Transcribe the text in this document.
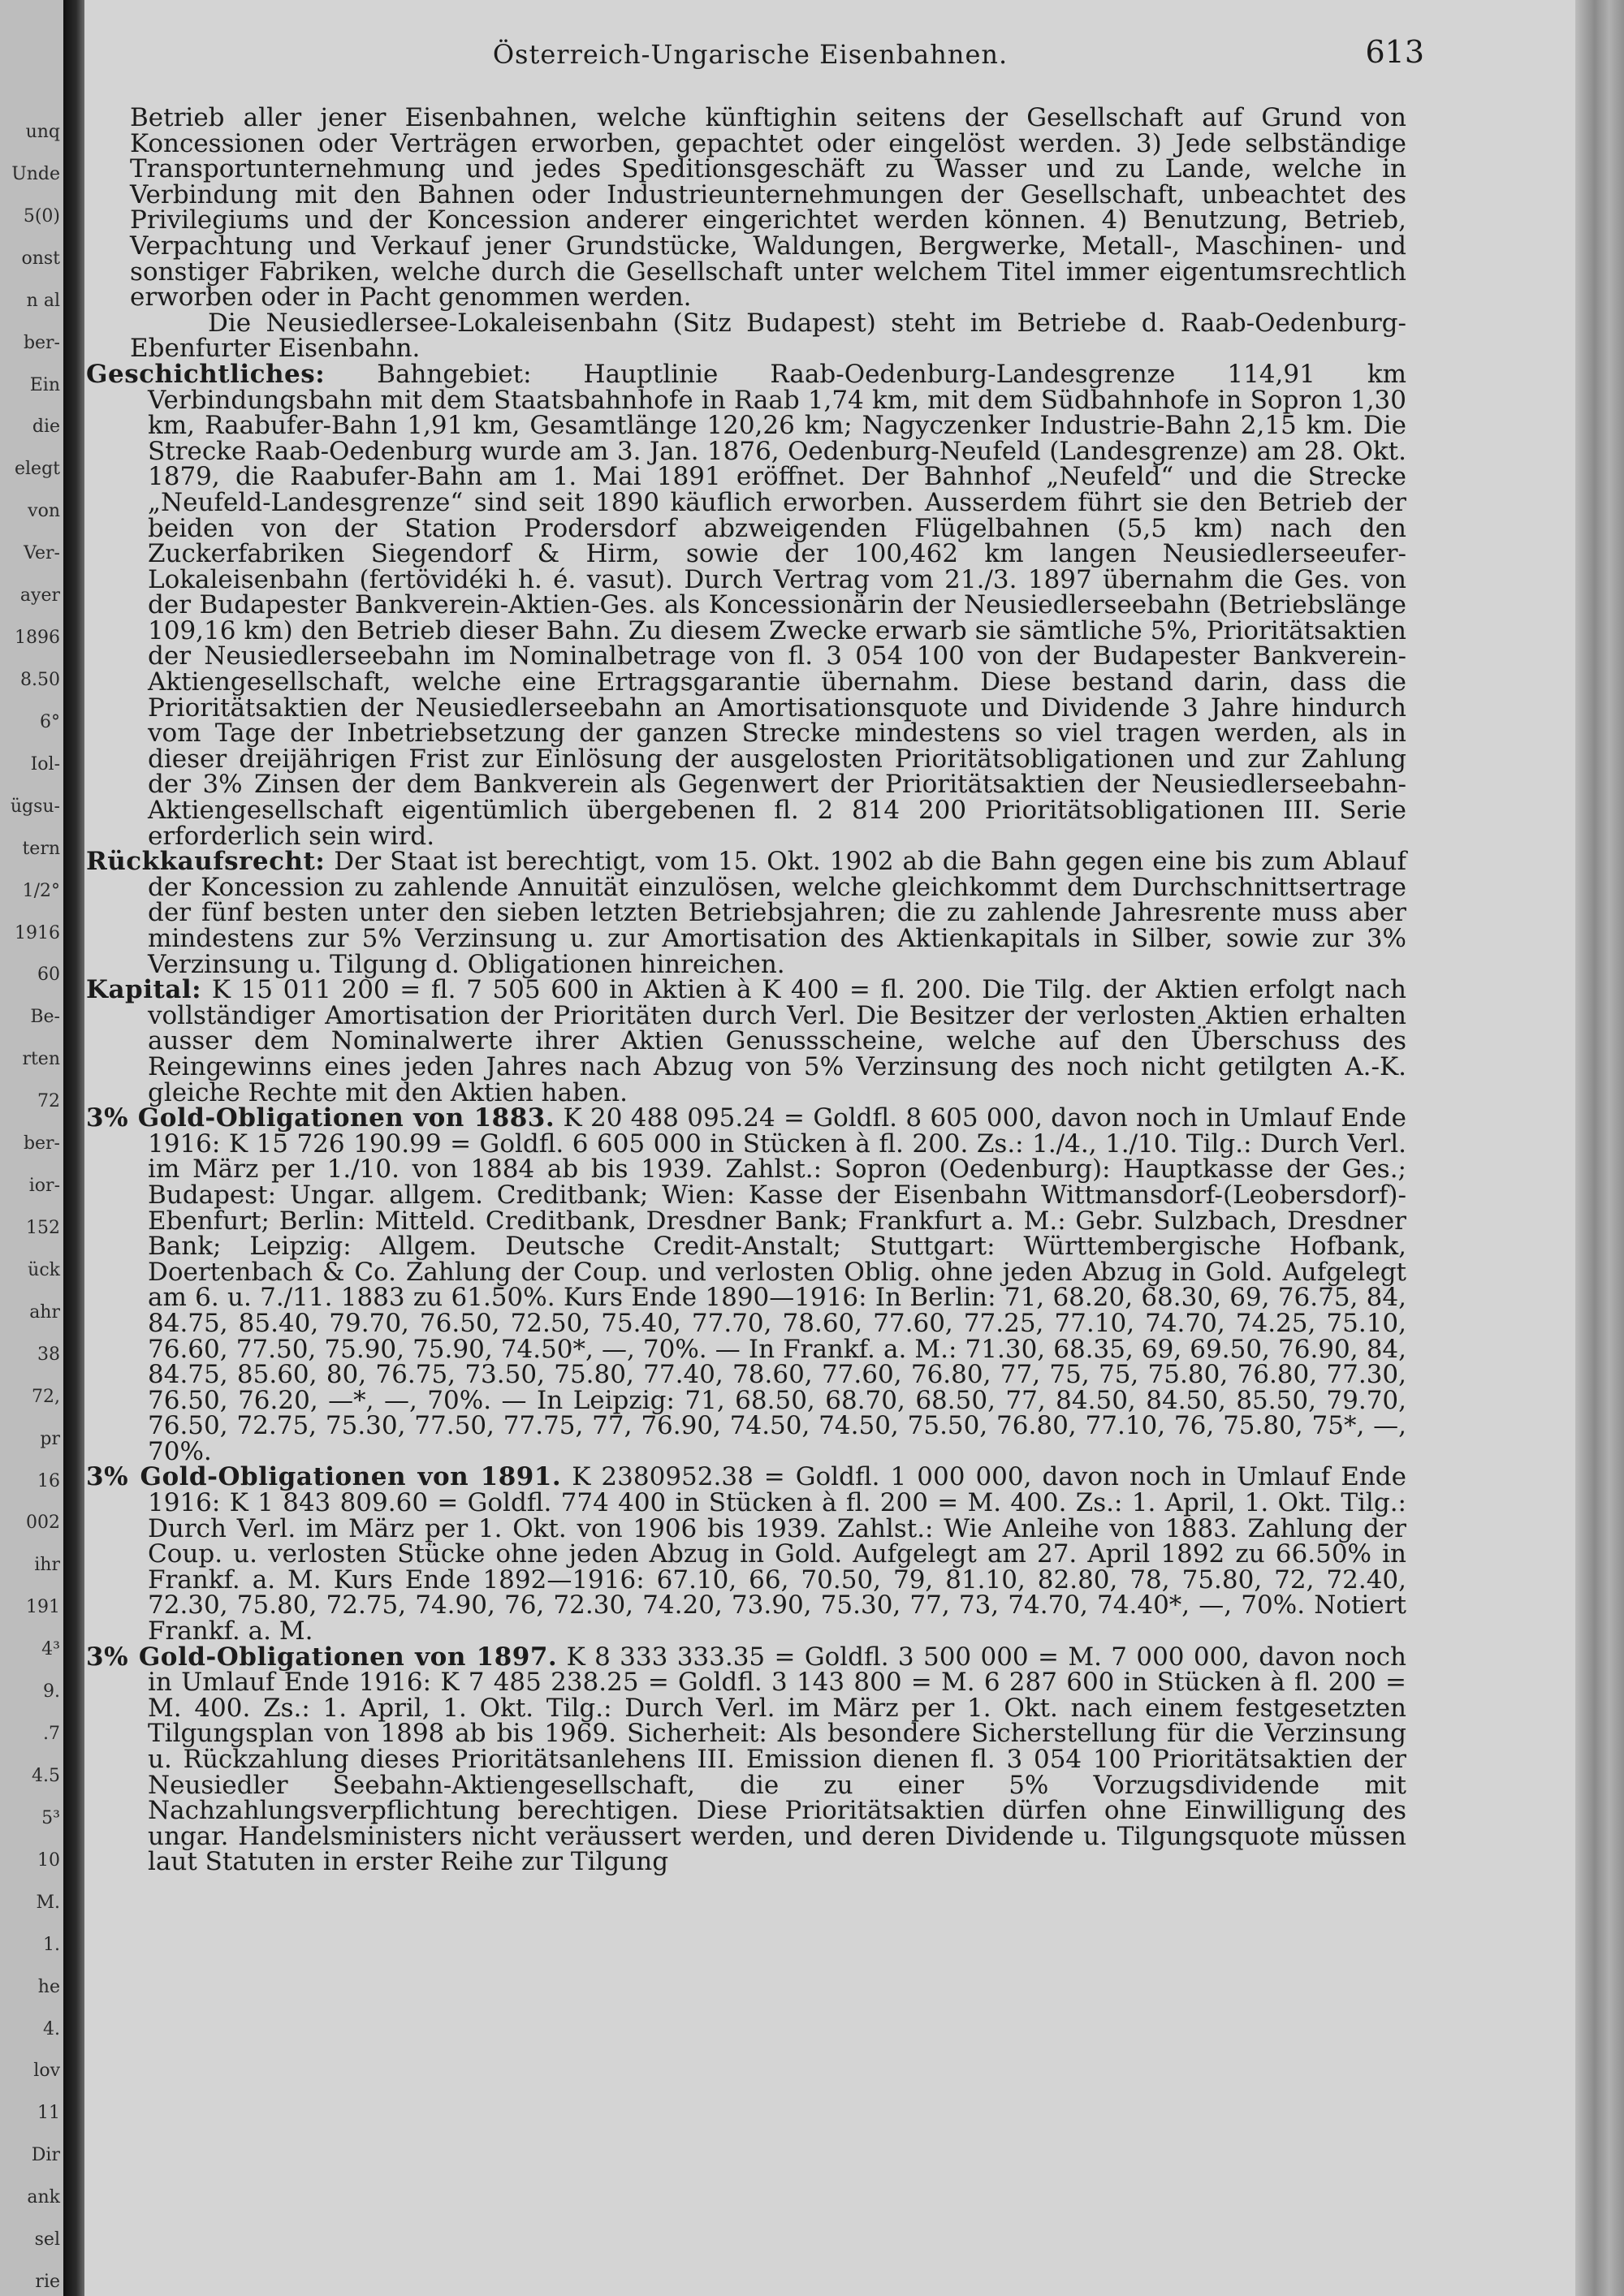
unq
Unde
5(0)
onst
n al
ber-
Ein
die
elegt
von
Ver-
ayer
1896
8.50
6°
Iol-
ügsu-
tern
1/2°
1916
60
Be-
rten
72
ber-
ior-
152
ück
ahr
38
72,
pr
16
002
ihr
191
4³
9.
.7
4.5
5³
10
M.
1.
he
4.
lov
11
Dir
ank
sel
rie
Österreich-Ungarische Eisenbahnen.	613

Betrieb aller jener Eisenbahnen, welche künftighin seitens der Gesellschaft auf Grund von Koncessionen oder Verträgen erworben, gepachtet oder eingelöst werden. 3) Jede selbständige Transportunternehmung und jedes Speditionsgeschäft zu Wasser und zu Lande, welche in Verbindung mit den Bahnen oder Industrieunternehmungen der Gesellschaft, unbeachtet des Privilegiums und der Koncession anderer eingerichtet werden können. 4) Benutzung, Betrieb, Verpachtung und Verkauf jener Grundstücke, Waldungen, Bergwerke, Metall-, Maschinen- und sonstiger Fabriken, welche durch die Gesellschaft unter welchem Titel immer eigentumsrechtlich erworben oder in Pacht genommen werden.

Die Neusiedlersee-Lokaleisenbahn (Sitz Budapest) steht im Betriebe d. Raab-Oedenburg-Ebenfurter Eisenbahn.

Geschichtliches: Bahngebiet: Hauptlinie Raab-Oedenburg-Landesgrenze 114,91 km Verbindungsbahn mit dem Staatsbahnhofe in Raab 1,74 km, mit dem Südbahnhofe in Sopron 1,30 km, Raabufer-Bahn 1,91 km, Gesamtlänge 120,26 km; Nagyczenker Industrie-Bahn 2,15 km. Die Strecke Raab-Oedenburg wurde am 3. Jan. 1876, Oedenburg-Neufeld (Landesgrenze) am 28. Okt. 1879, die Raabufer-Bahn am 1. Mai 1891 eröffnet. Der Bahnhof „Neufeld“ und die Strecke „Neufeld-Landesgrenze“ sind seit 1890 käuflich erworben. Ausserdem führt sie den Betrieb der beiden von der Station Prodersdorf abzweigenden Flügelbahnen (5,5 km) nach den Zuckerfabriken Siegendorf & Hirm, sowie der 100,462 km langen Neusiedlerseeufer-Lokaleisenbahn (fertövidéki h. é. vasut). Durch Vertrag vom 21./3. 1897 übernahm die Ges. von der Budapester Bankverein-Aktien-Ges. als Koncessionärin der Neusiedlerseebahn (Betriebslänge 109,16 km) den Betrieb dieser Bahn. Zu diesem Zwecke erwarb sie sämtliche 5%, Prioritätsaktien der Neusiedlerseebahn im Nominalbetrage von fl. 3 054 100 von der Budapester Bankverein-Aktiengesellschaft, welche eine Ertragsgarantie übernahm. Diese bestand darin, dass die Prioritätsaktien der Neusiedlerseebahn an Amortisationsquote und Dividende 3 Jahre hindurch vom Tage der Inbetriebsetzung der ganzen Strecke mindestens so viel tragen werden, als in dieser dreijährigen Frist zur Einlösung der ausgelosten Prioritätsobligationen und zur Zahlung der 3% Zinsen der dem Bankverein als Gegenwert der Prioritätsaktien der Neusiedlerseebahn-Aktiengesellschaft eigentümlich übergebenen fl. 2 814 200 Prioritätsobligationen III. Serie erforderlich sein wird.

Rückkaufsrecht: Der Staat ist berechtigt, vom 15. Okt. 1902 ab die Bahn gegen eine bis zum Ablauf der Koncession zu zahlende Annuität einzulösen, welche gleichkommt dem Durchschnittsertrage der fünf besten unter den sieben letzten Betriebsjahren; die zu zahlende Jahresrente muss aber mindestens zur 5% Verzinsung u. zur Amortisation des Aktienkapitals in Silber, sowie zur 3% Verzinsung u. Tilgung d. Obligationen hinreichen.

Kapital: K 15 011 200 = fl. 7 505 600 in Aktien à K 400 = fl. 200. Die Tilg. der Aktien erfolgt nach vollständiger Amortisation der Prioritäten durch Verl. Die Besitzer der verlosten Aktien erhalten ausser dem Nominalwerte ihrer Aktien Genussscheine, welche auf den Überschuss des Reingewinns eines jeden Jahres nach Abzug von 5% Verzinsung des noch nicht getilgten A.-K. gleiche Rechte mit den Aktien haben.

3% Gold-Obligationen von 1883. K 20 488 095.24 = Goldfl. 8 605 000, davon noch in Umlauf Ende 1916: K 15 726 190.99 = Goldfl. 6 605 000 in Stücken à fl. 200. Zs.: 1./4., 1./10. Tilg.: Durch Verl. im März per 1./10. von 1884 ab bis 1939. Zahlst.: Sopron (Oedenburg): Hauptkasse der Ges.; Budapest: Ungar. allgem. Creditbank; Wien: Kasse der Eisenbahn Wittmansdorf-(Leobersdorf)-Ebenfurt; Berlin: Mitteld. Creditbank, Dresdner Bank; Frankfurt a. M.: Gebr. Sulzbach, Dresdner Bank; Leipzig: Allgem. Deutsche Credit-Anstalt; Stuttgart: Württembergische Hofbank, Doertenbach & Co. Zahlung der Coup. und verlosten Oblig. ohne jeden Abzug in Gold. Aufgelegt am 6. u. 7./11. 1883 zu 61.50%. Kurs Ende 1890—1916: In Berlin: 71, 68.20, 68.30, 69, 76.75, 84, 84.75, 85.40, 79.70, 76.50, 72.50, 75.40, 77.70, 78.60, 77.60, 77.25, 77.10, 74.70, 74.25, 75.10, 76.60, 77.50, 75.90, 75.90, 74.50*, —, 70%. — In Frankf. a. M.: 71.30, 68.35, 69, 69.50, 76.90, 84, 84.75, 85.60, 80, 76.75, 73.50, 75.80, 77.40, 78.60, 77.60, 76.80, 77, 75, 75, 75.80, 76.80, 77.30, 76.50, 76.20, —*, —, 70%. — In Leipzig: 71, 68.50, 68.70, 68.50, 77, 84.50, 84.50, 85.50, 79.70, 76.50, 72.75, 75.30, 77.50, 77.75, 77, 76.90, 74.50, 74.50, 75.50, 76.80, 77.10, 76, 75.80, 75*, —, 70%.

3% Gold-Obligationen von 1891. K 2380952.38 = Goldfl. 1 000 000, davon noch in Umlauf Ende 1916: K 1 843 809.60 = Goldfl. 774 400 in Stücken à fl. 200 = M. 400. Zs.: 1. April, 1. Okt. Tilg.: Durch Verl. im März per 1. Okt. von 1906 bis 1939. Zahlst.: Wie Anleihe von 1883. Zahlung der Coup. u. verlosten Stücke ohne jeden Abzug in Gold. Aufgelegt am 27. April 1892 zu 66.50% in Frankf. a. M. Kurs Ende 1892—1916: 67.10, 66, 70.50, 79, 81.10, 82.80, 78, 75.80, 72, 72.40, 72.30, 75.80, 72.75, 74.90, 76, 72.30, 74.20, 73.90, 75.30, 77, 73, 74.70, 74.40*, —, 70%. Notiert Frankf. a. M.

3% Gold-Obligationen von 1897. K 8 333 333.35 = Goldfl. 3 500 000 = M. 7 000 000, davon noch in Umlauf Ende 1916: K 7 485 238.25 = Goldfl. 3 143 800 = M. 6 287 600 in Stücken à fl. 200 = M. 400. Zs.: 1. April, 1. Okt. Tilg.: Durch Verl. im März per 1. Okt. nach einem festgesetzten Tilgungsplan von 1898 ab bis 1969. Sicherheit: Als besondere Sicherstellung für die Verzinsung u. Rückzahlung dieses Prioritätsanlehens III. Emission dienen fl. 3 054 100 Prioritätsaktien der Neusiedler Seebahn-Aktiengesellschaft, die zu einer 5% Vorzugsdividende mit Nachzahlungsverpflichtung berechtigen. Diese Prioritätsaktien dürfen ohne Einwilligung des ungar. Handelsministers nicht veräussert werden, und deren Dividende u. Tilgungsquote müssen laut Statuten in erster Reihe zur Tilgung
